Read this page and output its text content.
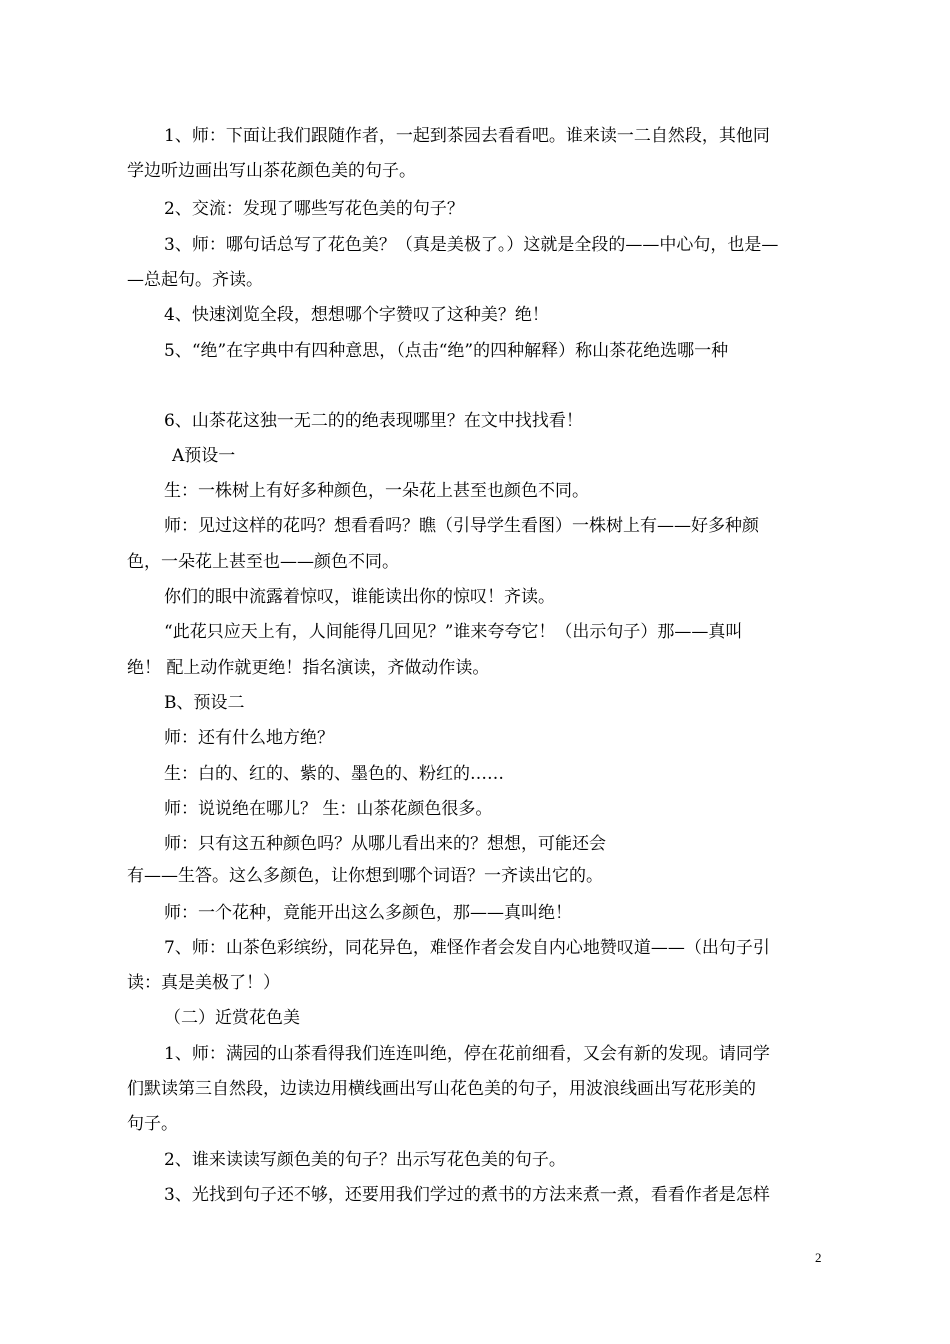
1、师：下面让我们跟随作者，一起到茶园去看看吧。谁来读一二自然段，其他同
学边听边画出写山茶花颜色美的句子。
2、交流：发现了哪些写花色美的句子？
3、师：哪句话总写了花色美？（真是美极了。）这就是全段的——中心句，也是—
—总起句。齐读。
4、快速浏览全段，想想哪个字赞叹了这种美？绝！
5、“绝”在字典中有四种意思，（点击“绝”的四种解释）称山茶花绝选哪一种
6、山茶花这独一无二的的绝表现哪里？在文中找找看！
A预设一
生：一株树上有好多种颜色，一朵花上甚至也颜色不同。
师：见过这样的花吗？想看看吗？瞧（引导学生看图）一株树上有——好多种颜
色，一朵花上甚至也——颜色不同。
你们的眼中流露着惊叹，谁能读出你的惊叹！齐读。
“此花只应天上有，人间能得几回见？”谁来夸夸它！（出示句子）那——真叫
绝！ 配上动作就更绝！指名演读，齐做动作读。
B、预设二
师：还有什么地方绝？
生：白的、红的、紫的、墨色的、粉红的……
师：说说绝在哪儿？ 生：山茶花颜色很多。
师：只有这五种颜色吗？从哪儿看出来的？想想，可能还会
有——生答。这么多颜色，让你想到哪个词语？一齐读出它的。
师：一个花种，竟能开出这么多颜色，那——真叫绝！
7、师：山茶色彩缤纷，同花异色，难怪作者会发自内心地赞叹道——（出句子引
读：真是美极了！）
（二）近赏花色美
1、师：满园的山茶看得我们连连叫绝，停在花前细看，又会有新的发现。请同学
们默读第三自然段，边读边用横线画出写山花色美的句子，用波浪线画出写花形美的
句子。
2、谁来读读写颜色美的句子？出示写花色美的句子。
3、光找到句子还不够，还要用我们学过的煮书的方法来煮一煮，看看作者是怎样
2
